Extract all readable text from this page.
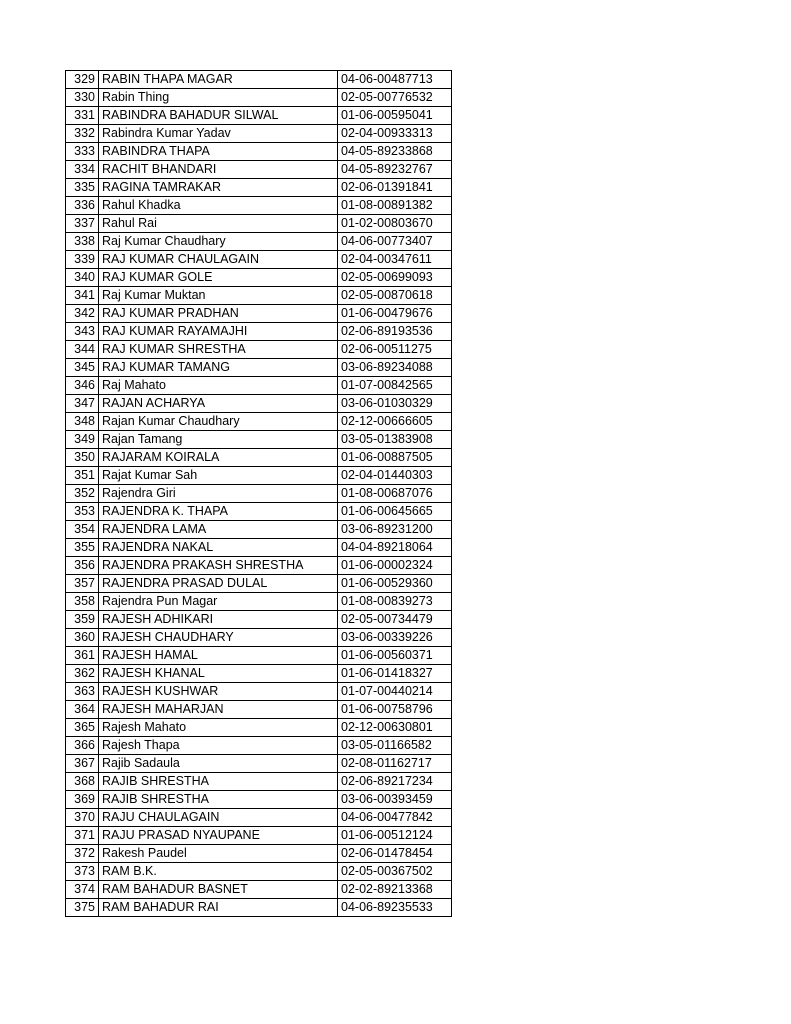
329	RABIN THAPA MAGAR	04-06-00487713
330	Rabin Thing	02-05-00776532
331	RABINDRA BAHADUR SILWAL	01-06-00595041
332	Rabindra Kumar Yadav	02-04-00933313
333	RABINDRA THAPA	04-05-89233868
334	RACHIT BHANDARI	04-05-89232767
335	RAGINA TAMRAKAR	02-06-01391841
336	Rahul Khadka	01-08-00891382
337	Rahul Rai	01-02-00803670
338	Raj Kumar Chaudhary	04-06-00773407
339	RAJ KUMAR CHAULAGAIN	02-04-00347611
340	RAJ KUMAR GOLE	02-05-00699093
341	Raj Kumar Muktan	02-05-00870618
342	RAJ KUMAR PRADHAN	01-06-00479676
343	RAJ KUMAR RAYAMAJHI	02-06-89193536
344	RAJ KUMAR SHRESTHA	02-06-00511275
345	RAJ KUMAR TAMANG	03-06-89234088
346	Raj Mahato	01-07-00842565
347	RAJAN ACHARYA	03-06-01030329
348	Rajan Kumar Chaudhary	02-12-00666605
349	Rajan Tamang	03-05-01383908
350	RAJARAM KOIRALA	01-06-00887505
351	Rajat Kumar Sah	02-04-01440303
352	Rajendra Giri	01-08-00687076
353	RAJENDRA K. THAPA	01-06-00645665
354	RAJENDRA LAMA	03-06-89231200
355	RAJENDRA NAKAL	04-04-89218064
356	RAJENDRA PRAKASH SHRESTHA	01-06-00002324
357	RAJENDRA PRASAD DULAL	01-06-00529360
358	Rajendra Pun Magar	01-08-00839273
359	RAJESH ADHIKARI	02-05-00734479
360	RAJESH CHAUDHARY	03-06-00339226
361	RAJESH HAMAL	01-06-00560371
362	RAJESH KHANAL	01-06-01418327
363	RAJESH KUSHWAR	01-07-00440214
364	RAJESH MAHARJAN	01-06-00758796
365	Rajesh Mahato	02-12-00630801
366	Rajesh Thapa	03-05-01166582
367	Rajib Sadaula	02-08-01162717
368	RAJIB SHRESTHA	02-06-89217234
369	RAJIB SHRESTHA	03-06-00393459
370	RAJU CHAULAGAIN	04-06-00477842
371	RAJU PRASAD NYAUPANE	01-06-00512124
372	Rakesh Paudel	02-06-01478454
373	RAM B.K.	02-05-00367502
374	RAM BAHADUR BASNET	02-02-89213368
375	RAM BAHADUR RAI	04-06-89235533
